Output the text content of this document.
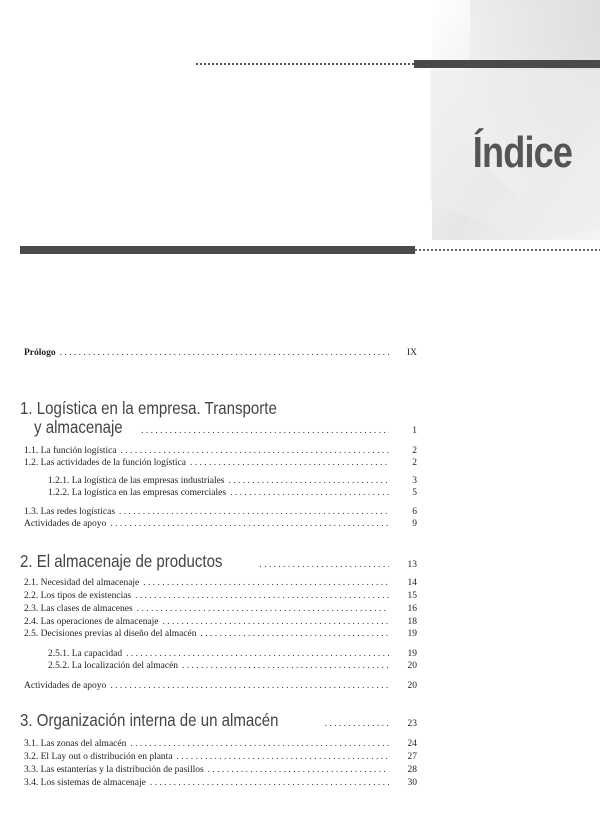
Índice
Prólogo . . .	IX
1. Logística en la empresa. Transporte
y almacenaje . . .	1
1.1. La función logística . . .	2
1.2. Las actividades de la función logística . . .	2
1.2.1. La logística de las empresas industriales . . .	3
1.2.2. La logística en las empresas comerciales . . .	5
1.3. Las redes logísticas . . .	6
Actividades de apoyo . . .	9
2. El almacenaje de productos . . .	13
2.1. Necesidad del almacenaje . . .	14
2.2. Los tipos de existencias . . .	15
2.3. Las clases de almacenes . . .	16
2.4. Las operaciones de almacenaje . . .	18
2.5. Decisiones previas al diseño del almacén . . .	19
2.5.1. La capacidad . . .	19
2.5.2. La localización del almacén . . .	20
Actividades de apoyo . . .	20
3. Organización interna de un almacén . . .	23
3.1. Las zonas del almacén . . .	24
3.2. El Lay out o distribución en planta . . .	27
3.3. Las estanterías y la distribución de pasillos . . .	28
3.4. Los sistemas de almacenaje . . .	30
